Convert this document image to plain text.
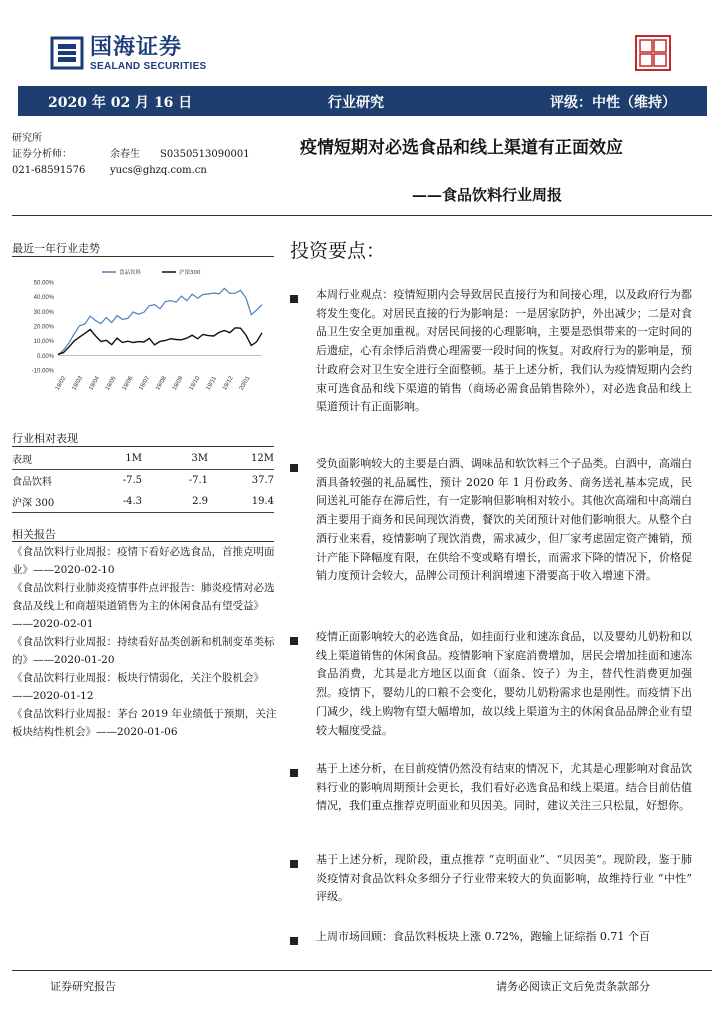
国海证券
SEALAND SECURITIES
2020 年 02 月 16 日	行业研究	评级：中性（维持）
研究所
证券分析师：	余春生 S0350513090001
021-68591576 yucs@ghzq.com.cn
疫情短期对必选食品和线上渠道有正面效应
——食品饮料行业周报
最近一年行业走势
50.00%
40.00%
30.00%
20.00%
10.00%
0.00%
-10.00%
19/02 19/03 19/04 19/05 19/06 19/07 19/08 19/09 19/10 19/11 19/12 20/01
食品饮料	沪深300
行业相对表现
表现	1M	3M	12M
食品饮料	-7.5	-7.1	37.7
沪深 300	-4.3	2.9	19.4
相关报告

《食品饮料行业周报：疫情下看好必选食品，首推克明面业》——2020-02-10

《食品饮料行业肺炎疫情事件点评报告：肺炎疫情对必选食品及线上和商超渠道销售为主的休闲食品有望受益》——2020-02-01

《食品饮料行业周报：持续看好品类创新和机制变革类标的》——2020-01-20

《食品饮料行业周报：板块行情弱化，关注个股机会》——2020-01-12

《食品饮料行业周报：茅台 2019 年业绩低于预期，关注板块结构性机会》——2020-01-06

投资要点：
本周行业观点：疫情短期内会导致居民直接行为和间接心理，以及政府行为都将发生变化。对居民直接的行为影响是：一是居家防护，外出减少；二是对食品卫生安全更加重视。对居民间接的心理影响，主要是恐惧带来的一定时间的后遗症，心有余悸后消费心理需要一段时间的恢复。对政府行为的影响是，预计政府会对卫生安全进行全面整顿。基于上述分析，我们认为疫情短期内会约束可选食品和线下渠道的销售（商场必需食品销售除外），对必选食品和线上渠道预计有正面影响。
受负面影响较大的主要是白酒、调味品和软饮料三个子品类。白酒中，高端白酒具备较强的礼品属性，预计 2020 年 1 月份政务、商务送礼基本完成，民间送礼可能存在滞后性，有一定影响但影响相对较小。其他次高端和中高端白酒主要用于商务和民间现饮消费，餐饮的关闭预计对他们影响很大。从整个白酒行业来看，疫情影响了现饮消费，需求减少，但厂家考虑固定资产摊销，预计产能下降幅度有限，在供给不变或略有增长，而需求下降的情况下，价格促销力度预计会较大，品牌公司预计利润增速下滑要高于收入增速下滑。
疫情正面影响较大的必选食品，如挂面行业和速冻食品，以及婴幼儿奶粉和以线上渠道销售的休闲食品。疫情影响下家庭消费增加，居民会增加挂面和速冻食品消费，尤其是北方地区以面食（面条、饺子）为主，替代性消费更加强烈。疫情下，婴幼儿的口粮不会变化，婴幼儿奶粉需求也是刚性。而疫情下出门减少，线上购物有望大幅增加，故以线上渠道为主的休闲食品品牌企业有望较大幅度受益。
基于上述分析，在目前疫情仍然没有结束的情况下，尤其是心理影响对食品饮料行业的影响周期预计会更长，我们看好必选食品和线上渠道。结合目前估值情况，我们重点推荐克明面业和贝因美。同时，建议关注三只松鼠，好想你。
基于上述分析，现阶段，重点推荐 “克明面业”、“贝因美”。现阶段，鉴于肺炎疫情对食品饮料众多细分子行业带来较大的负面影响，故维持行业 “中性” 评级。
上周市场回顾：食品饮料板块上涨 0.72%，跑输上证综指 0.71 个百
证券研究报告	请务必阅读正文后免责条款部分
